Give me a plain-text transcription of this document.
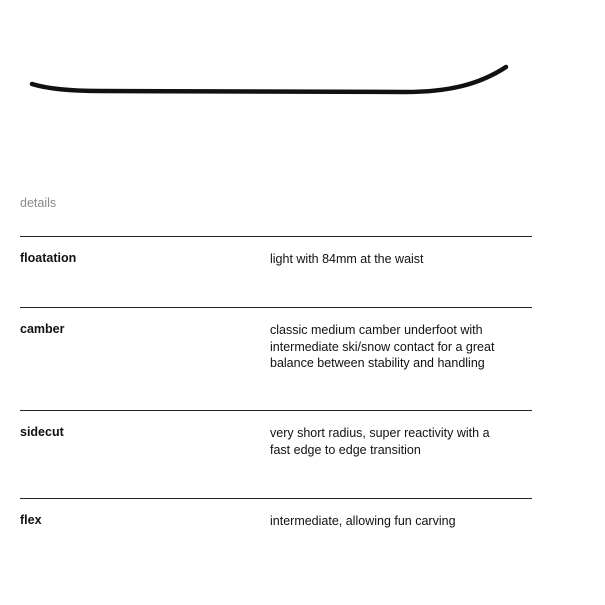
details
floatation	light with 84mm at the waist
camber	classic medium camber underfoot with intermediate ski/snow contact for a great balance between stability and handling
sidecut	very short radius, super reactivity with a fast edge to edge transition
flex	intermediate, allowing fun carving
